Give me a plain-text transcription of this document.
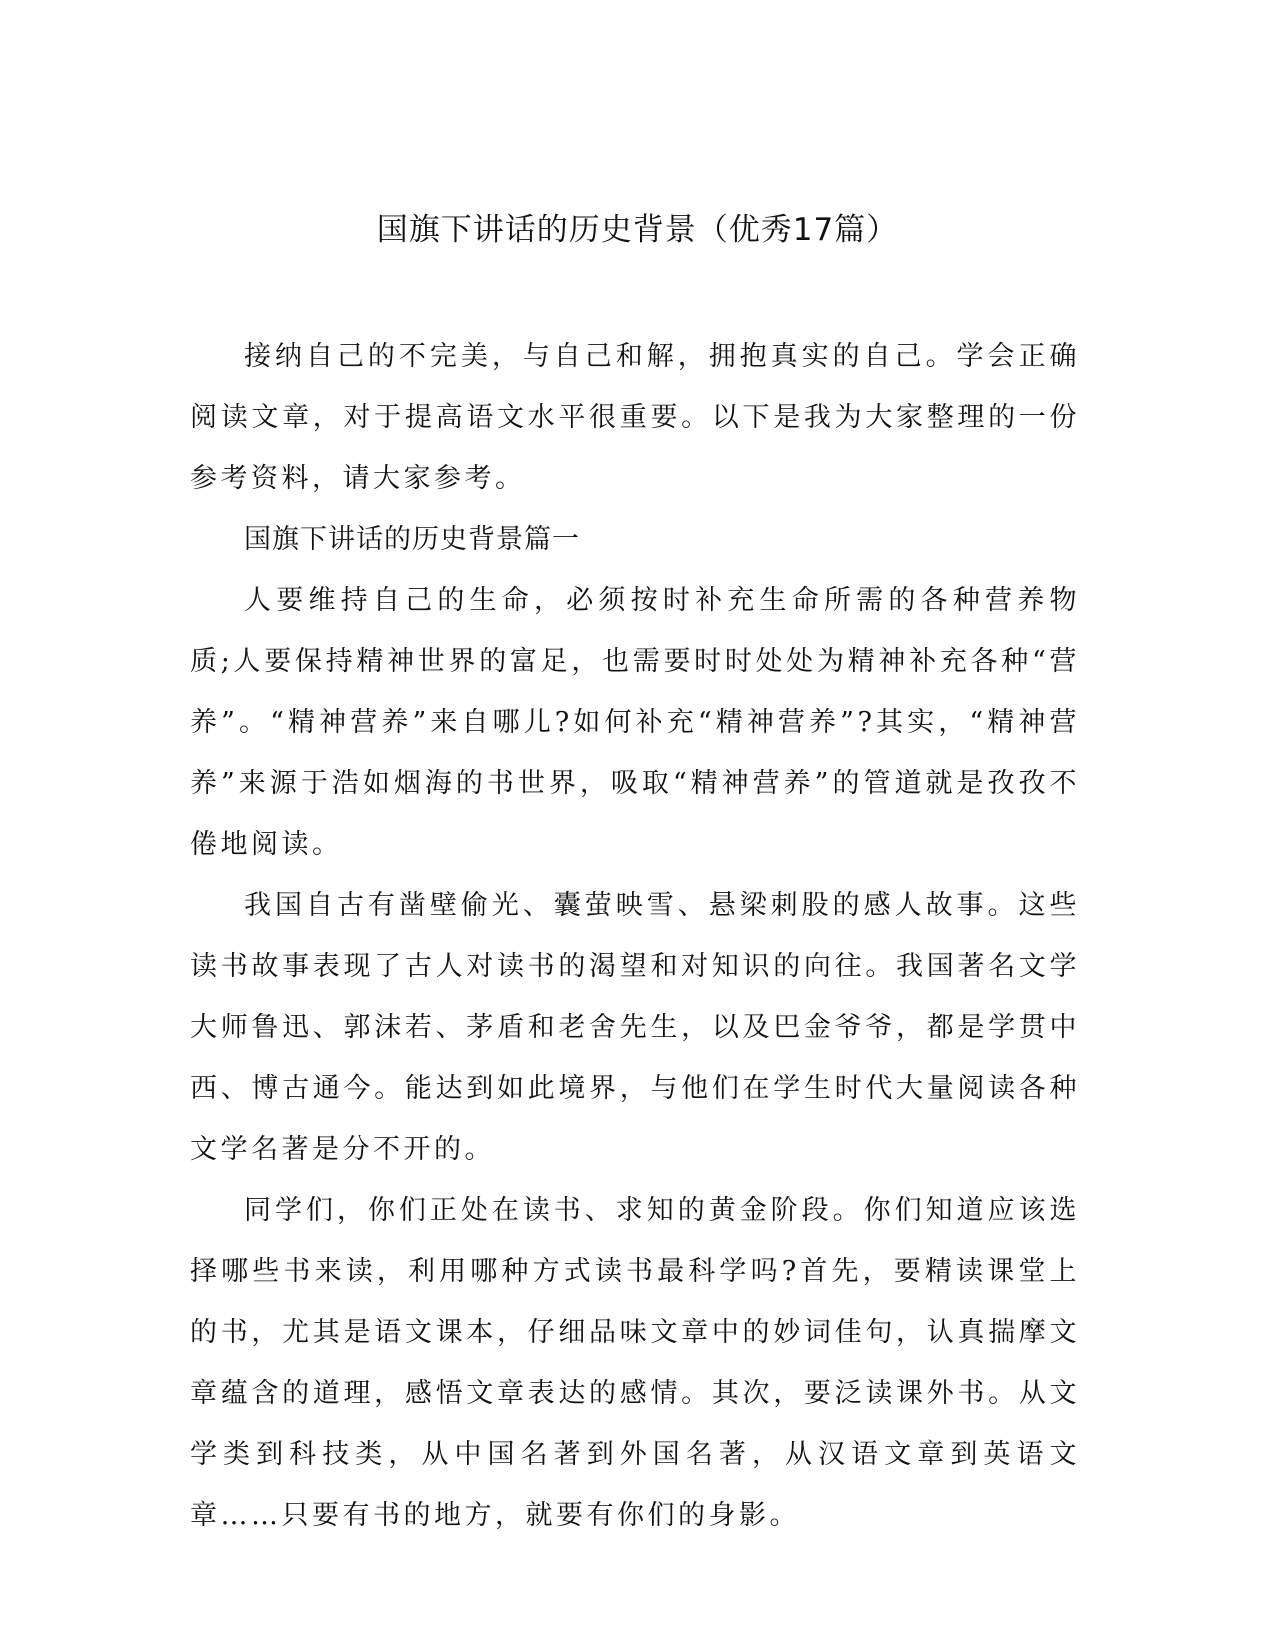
国旗下讲话的历史背景（优秀17篇）

接纳自己的不完美，与自己和解，拥抱真实的自己。学会正确阅读文章，对于提高语文水平很重要。以下是我为大家整理的一份参考资料，请大家参考。

国旗下讲话的历史背景篇一

人要维持自己的生命，必须按时补充生命所需的各种营养物质;人要保持精神世界的富足，也需要时时处处为精神补充各种“营养”。“精神营养”来自哪儿?如何补充“精神营养”?其实，“精神营养”来源于浩如烟海的书世界，吸取“精神营养”的管道就是孜孜不倦地阅读。

我国自古有凿壁偷光、囊萤映雪、悬梁刺股的感人故事。这些读书故事表现了古人对读书的渴望和对知识的向往。我国著名文学大师鲁迅、郭沫若、茅盾和老舍先生，以及巴金爷爷，都是学贯中西、博古通今。能达到如此境界，与他们在学生时代大量阅读各种文学名著是分不开的。

同学们，你们正处在读书、求知的黄金阶段。你们知道应该选择哪些书来读，利用哪种方式读书最科学吗?首先，要精读课堂上的书，尤其是语文课本，仔细品味文章中的妙词佳句，认真揣摩文章蕴含的道理，感悟文章表达的感情。其次，要泛读课外书。从文学类到科技类，从中国名著到外国名著，从汉语文章到英语文章……只要有书的地方，就要有你们的身影。
